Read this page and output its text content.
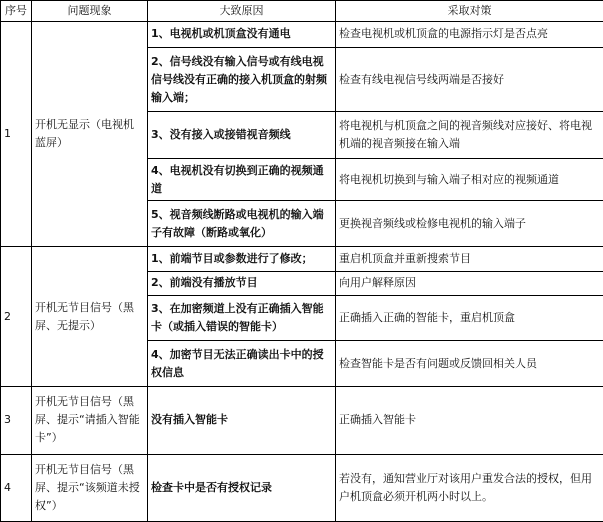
序号	问题现象	大致原因	采取对策
1	开机无显示（电视机蓝屏）	1、电视机或机顶盒没有通电	检查电视机或机顶盒的电源指示灯是否点亮
		2、信号线没有输入信号或有线电视信号线没有正确的接入机顶盒的射频输入端；	检查有线电视信号线两端是否接好
		3、没有接入或接错视音频线	将电视机与机顶盒之间的视音频线对应接好、将电视机端的视音频接在输入端
		4、电视机没有切换到正确的视频通道	将电视机切换到与输入端子相对应的视频通道
		5、视音频线断路或电视机的输入端子有故障（断路或氧化）	更换视音频线或检修电视机的输入端子
2	开机无节目信号（黑屏、无提示）	1、前端节目或参数进行了修改；	重启机顶盒并重新搜索节目
		2、前端没有播放节目	向用户解释原因
		3、在加密频道上没有正确插入智能卡（或插入错误的智能卡）	正确插入正确的智能卡，重启机顶盒
		4、加密节目无法正确读出卡中的授权信息	检查智能卡是否有问题或反馈回相关人员
3	开机无节目信号（黑屏、提示“请插入智能卡”）	没有插入智能卡	正确插入智能卡
4	开机无节目信号（黑屏、提示“该频道未授权”）	检查卡中是否有授权记录	若没有，通知营业厅对该用户重发合法的授权，但用户机顶盒必须开机两小时以上。
